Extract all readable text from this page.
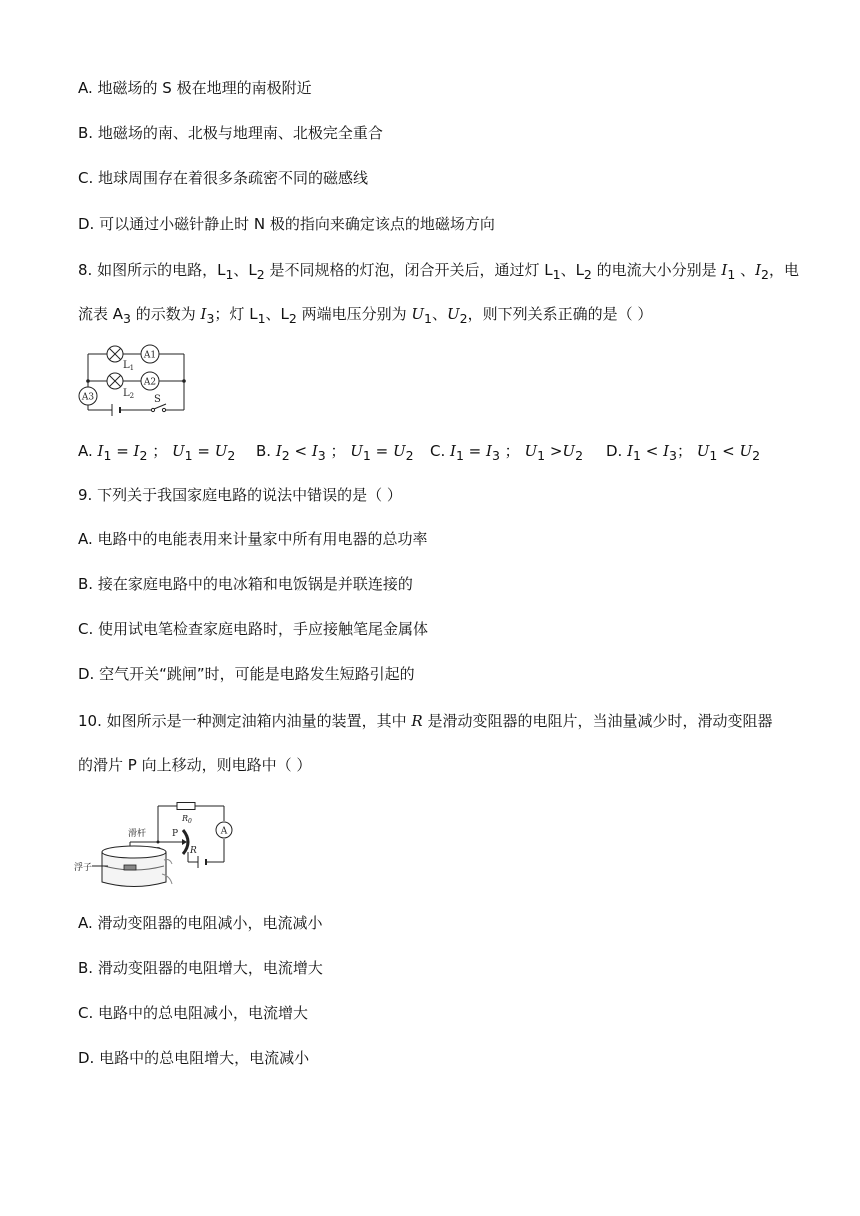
A. 地磁场的 S 极在地理的南极附近
B. 地磁场的南、北极与地理南、北极完全重合
C. 地球周围存在着很多条疏密不同的磁感线
D. 可以通过小磁针静止时 N 极的指向来确定该点的地磁场方向
8. 如图所示的电路，$L_1$、$L_2$ 是不同规格的灯泡，闭合开关后，通过灯 $L_1$、$L_2$ 的电流大小分别是 $I_1$ 、$I_2$，电
流表 $A_3$ 的示数为 $I_3$；灯 $L_1$、$L_2$ 两端电压分别为 $U_1$、$U_2$，则下列关系正确的是（ ）
A1
$L_1$
A2
$L_2$
A3	S
A. $I_1 = I_2$ ； $U_1 = U_2$ B. $I_2 < I_3$ ； $U_1 = U_2$ C. $I_1 = I_3$ ； $U_1 >U_2$ D. $I_1 < I_3$； $U_1 < U_2$
9. 下列关于我国家庭电路的说法中错误的是（ ）
A. 电路中的电能表用来计量家中所有用电器的总功率
B. 接在家庭电路中的电冰箱和电饭锅是并联连接的
C. 使用试电笔检查家庭电路时，手应接触笔尾金属体
D. 空气开关“跳闸”时，可能是电路发生短路引起的
10. 如图所示是一种测定油箱内油量的装置，其中 R 是滑动变阻器的电阻片，当油量减少时，滑动变阻器
的滑片 P 向上移动，则电路中（ ）
$R_0$
A
R
P
滑杆
浮子
A. 滑动变阻器的电阻减小，电流减小
B. 滑动变阻器的电阻增大，电流增大
C. 电路中的总电阻减小，电流增大
D. 电路中的总电阻增大，电流减小
